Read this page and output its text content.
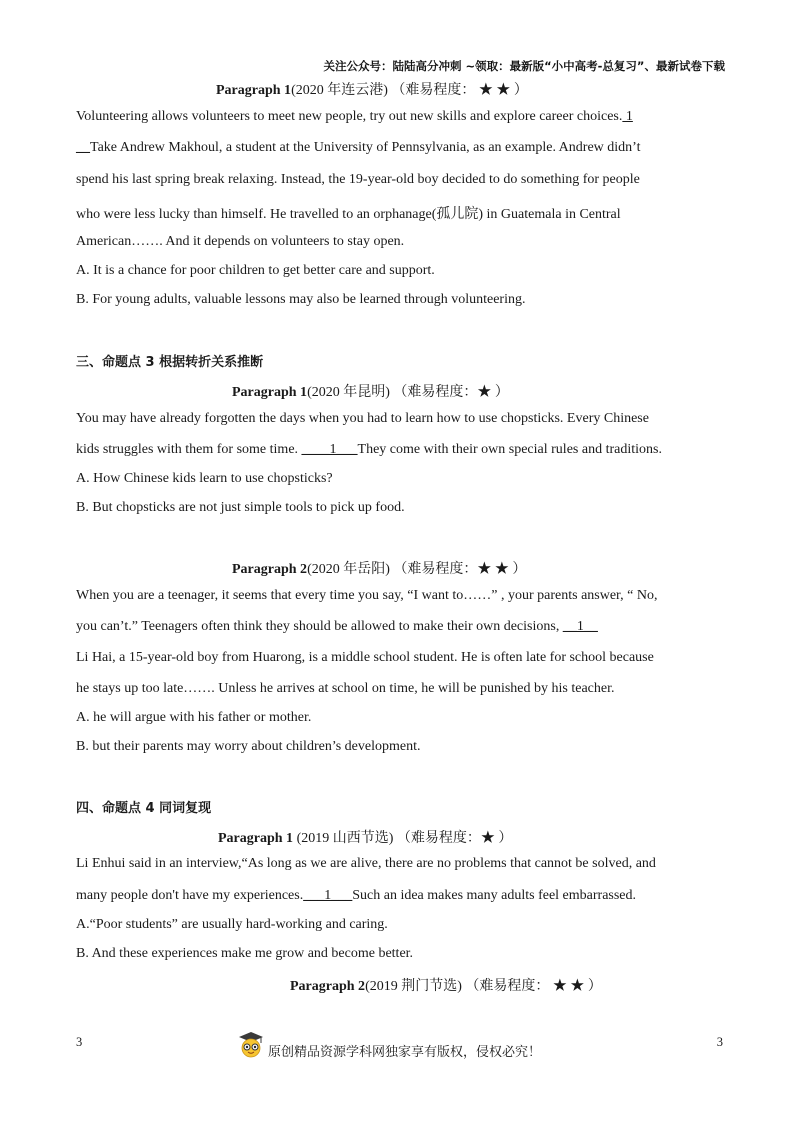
关注公众号：陆陆高分冲刺 ~领取：最新版“小中高考-总复习”、最新试卷下载
Paragraph 1(2020 年连云港) （难易程度： ★ ★ ）
Volunteering allows volunteers to meet new people, try out new skills and explore career choices. 1
__Take Andrew Makhoul, a student at the University of Pennsylvania, as an example. Andrew didn’t
spend his last spring break relaxing. Instead, the 19-year-old boy decided to do something for people
who were less lucky than himself. He travelled to an orphanage(孤儿院) in Guatemala in Central
American……. And it depends on volunteers to stay open.
A. It is a chance for poor children to get better care and support.
B. For young adults, valuable lessons may also be learned through volunteering.
三、命题点 3 根据转折关系推断
Paragraph 1(2020 年昆明) （难易程度：★ ）
You may have already forgotten the days when you had to learn how to use chopsticks. Every Chinese
kids struggles with them for some time. ____1___They come with their own special rules and traditions.
A. How Chinese kids learn to use chopsticks?
B. But chopsticks are not just simple tools to pick up food.
Paragraph 2(2020 年岳阳) （难易程度：★ ★ ）
When you are a teenager, it seems that every time you say, “I want to……” , your parents answer, “ No,
you can’t.” Teenagers often think they should be allowed to make their own decisions, __1__
Li Hai, a 15-year-old boy from Huarong, is a middle school student. He is often late for school because
he stays up too late……. Unless he arrives at school on time, he will be punished by his teacher.
A. he will argue with his father or mother.
B. but their parents may worry about children’s development.
四、命题点 4 同词复现
Paragraph 1 (2019 山西节选) （难易程度：★ ）
Li Enhui said in an interview,“As long as we are alive, there are no problems that cannot be solved, and
many people don't have my experiences.___1___Such an idea makes many adults feel embarrassed.
A.“Poor students” are usually hard-working and caring.
B. And these experiences make me grow and become better.
Paragraph 2(2019 荆门节选) （难易程度： ★ ★ ）
3	3
原创精品资源学科网独家享有版权，侵权必究！
